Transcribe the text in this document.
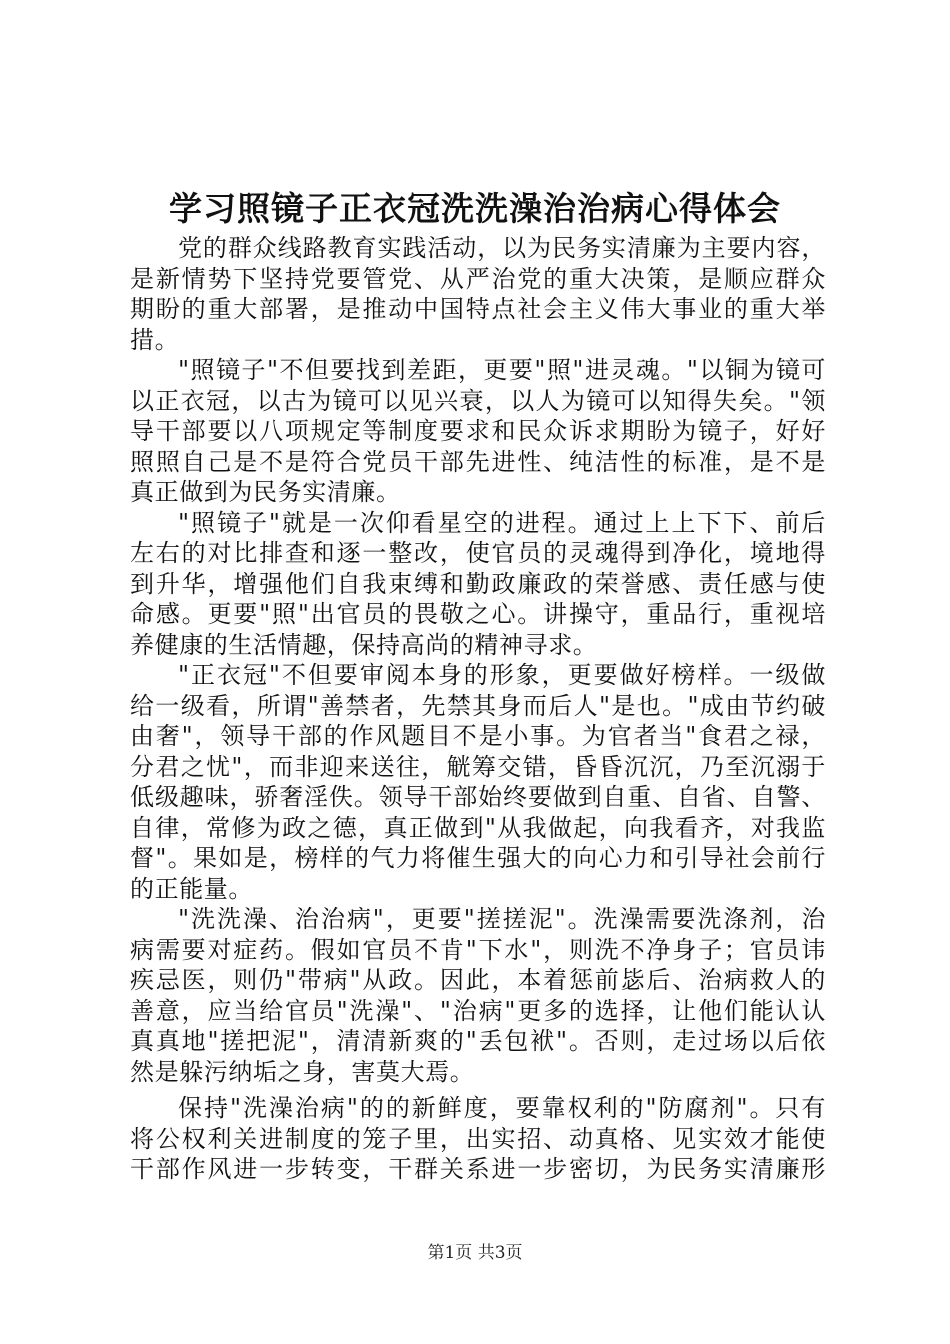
学习照镜子正衣冠洗洗澡治治病心得体会
党的群众线路教育实践活动，以为民务实清廉为主要内容，
是新情势下坚持党要管党、从严治党的重大决策，是顺应群众
期盼的重大部署，是推动中国特点社会主义伟大事业的重大举
措。
"照镜子"不但要找到差距，更要"照"进灵魂。"以铜为镜可
以正衣冠，以古为镜可以见兴衰，以人为镜可以知得失矣。"领
导干部要以八项规定等制度要求和民众诉求期盼为镜子，好好
照照自己是不是符合党员干部先进性、纯洁性的标准，是不是
真正做到为民务实清廉。
"照镜子"就是一次仰看星空的进程。通过上上下下、前后
左右的对比排查和逐一整改，使官员的灵魂得到净化，境地得
到升华，增强他们自我束缚和勤政廉政的荣誉感、责任感与使
命感。更要"照"出官员的畏敬之心。讲操守，重品行，重视培
养健康的生活情趣，保持高尚的精神寻求。
"正衣冠"不但要审阅本身的形象，更要做好榜样。一级做
给一级看，所谓"善禁者，先禁其身而后人"是也。"成由节约破
由奢"，领导干部的作风题目不是小事。为官者当"食君之禄，
分君之忧"，而非迎来送往，觥筹交错，昏昏沉沉，乃至沉溺于
低级趣味，骄奢淫佚。领导干部始终要做到自重、自省、自警、
自律，常修为政之德，真正做到"从我做起，向我看齐，对我监
督"。果如是，榜样的气力将催生强大的向心力和引导社会前行
的正能量。
"洗洗澡、治治病"，更要"搓搓泥"。洗澡需要洗涤剂，治
病需要对症药。假如官员不肯"下水"，则洗不净身子；官员讳
疾忌医，则仍"带病"从政。因此，本着惩前毖后、治病救人的
善意，应当给官员"洗澡"、"治病"更多的选择，让他们能认认
真真地"搓把泥"，清清新爽的"丢包袱"。否则，走过场以后依
然是躲污纳垢之身，害莫大焉。
保持"洗澡治病"的的新鲜度，要靠权利的"防腐剂"。只有
将公权利关进制度的笼子里，出实招、动真格、见实效才能使
干部作风进一步转变，干群关系进一步密切，为民务实清廉形
第1页 共3页
